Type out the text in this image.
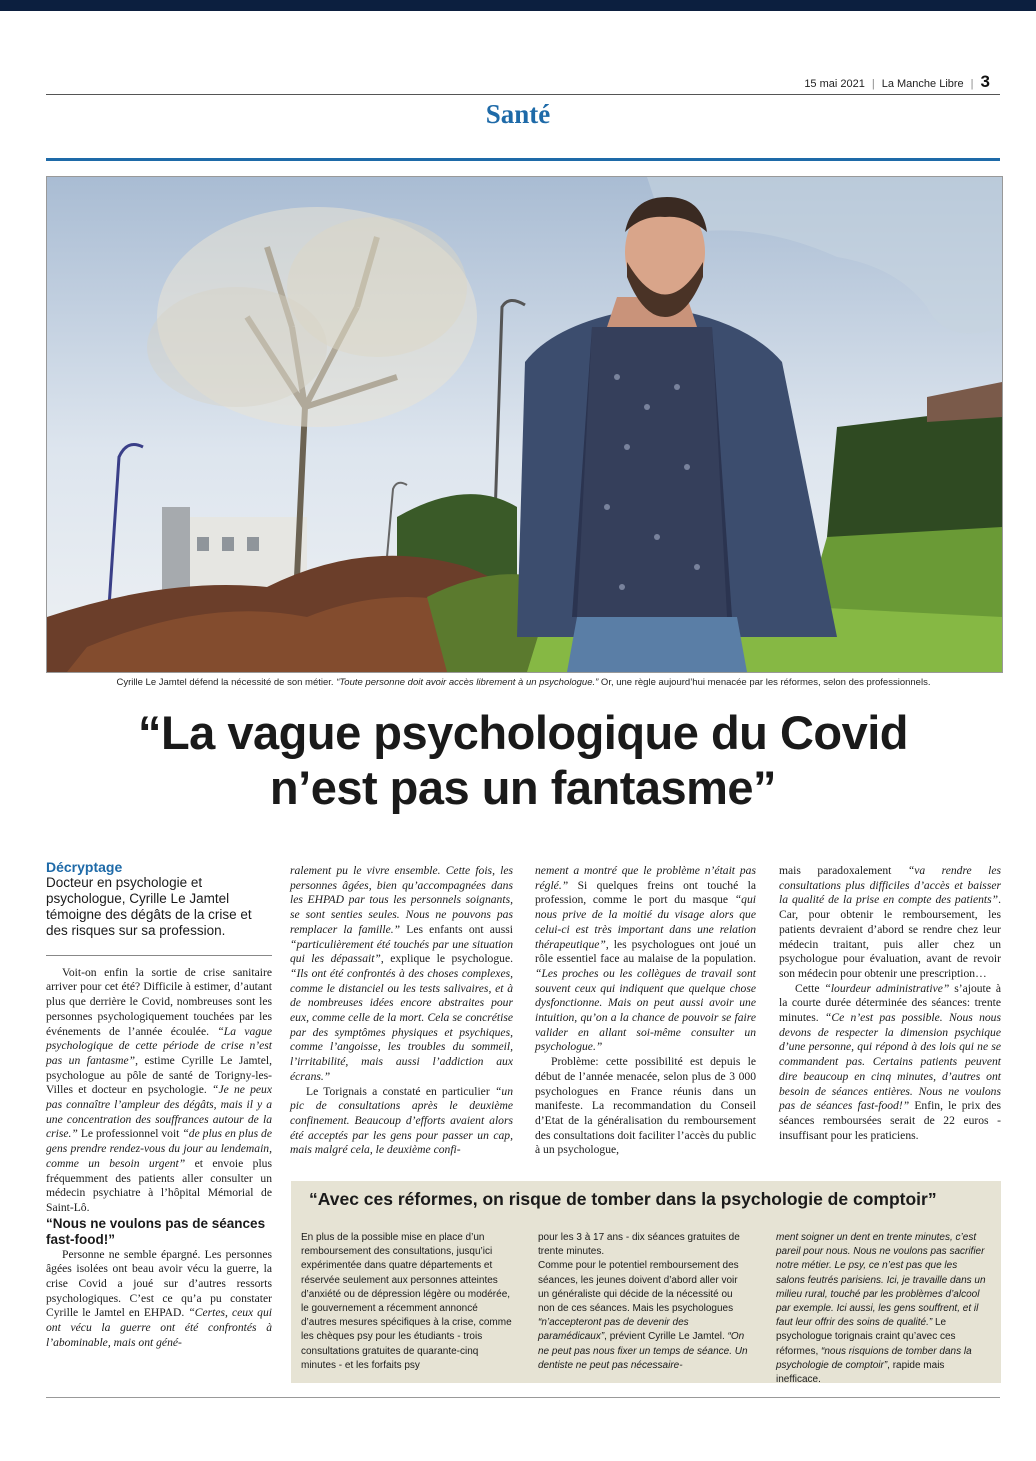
15 mai 2021 | La Manche Libre | 3
Santé
Cyrille Le Jamtel défend la nécessité de son métier. “Toute personne doit avoir accès librement à un psychologue.” Or, une règle aujourd’hui menacée par les réformes, selon des professionnels.
“La vague psychologique du Covid
n’est pas un fantasme”

Décryptage

Docteur en psychologie et psychologue, Cyrille Le Jamtel témoigne des dégâts de la crise et des risques sur sa profession.

Voit-on enfin la sortie de crise sanitaire arriver pour cet été? Difficile à estimer, d’autant plus que derrière le Covid, nombreuses sont les personnes psychologiquement touchées par les événements de l’année écoulée. “La vague psychologique de cette période de crise n’est pas un fantasme”, estime Cyrille Le Jamtel, psychologue au pôle de santé de Torigny-les-Villes et docteur en psychologie. “Je ne peux pas connaître l’ampleur des dégâts, mais il y a une concentration des souffrances autour de la crise.” Le professionnel voit “de plus en plus de gens prendre rendez-vous du jour au lendemain, comme un besoin urgent” et envoie plus fréquemment des patients aller consulter un médecin psychiatre à l’hôpital Mémorial de Saint-Lô.

“Nous ne voulons pas de séances fast-food!”

Personne ne semble épargné. Les personnes âgées isolées ont beau avoir vécu la guerre, la crise Covid a joué sur d’autres ressorts psychologiques. C’est ce qu’a pu constater Cyrille le Jamtel en EHPAD. “Certes, ceux qui ont vécu la guerre ont été confrontés à l’abominable, mais ont géné-

ralement pu le vivre ensemble. Cette fois, les personnes âgées, bien qu’accompagnées dans les EHPAD par tous les personnels soignants, se sont senties seules. Nous ne pouvons pas remplacer la famille.” Les enfants ont aussi “particulièrement été touchés par une situation qui les dépassait”, explique le psychologue. “Ils ont été confrontés à des choses complexes, comme le distanciel ou les tests salivaires, et à de nombreuses idées encore abstraites pour eux, comme celle de la mort. Cela se concrétise par des symptômes physiques et psychiques, comme l’angoisse, les troubles du sommeil, l’irritabilité, mais aussi l’addiction aux écrans.”

Le Torignais a constaté en particulier “un pic de consultations après le deuxième confinement. Beaucoup d’efforts avaient alors été acceptés par les gens pour passer un cap, mais malgré cela, le deuxième confi-

nement a montré que le problème n’était pas réglé.” Si quelques freins ont touché la profession, comme le port du masque “qui nous prive de la moitié du visage alors que celui-ci est très important dans une relation thérapeutique”, les psychologues ont joué un rôle essentiel face au malaise de la population. “Les proches ou les collègues de travail sont souvent ceux qui indiquent que quelque chose dysfonctionne. Mais on peut aussi avoir une intuition, qu’on a la chance de pouvoir se faire valider en allant soi-même consulter un psychologue.”

Problème: cette possibilité est depuis le début de l’année menacée, selon plus de 3 000 psychologues en France réunis dans un manifeste. La recommandation du Conseil d’Etat de la généralisation du remboursement des consultations doit faciliter l’accès du public à un psychologue,

mais paradoxalement “va rendre les consultations plus difficiles d’accès et baisser la qualité de la prise en compte des patients”. Car, pour obtenir le remboursement, les patients devraient d’abord se rendre chez leur médecin traitant, puis aller chez un psychologue pour évaluation, avant de revoir son médecin pour obtenir une prescription…

Cette “lourdeur administrative” s’ajoute à la courte durée déterminée des séances: trente minutes. “Ce n’est pas possible. Nous nous devons de respecter la dimension psychique d’une personne, qui répond à des lois qui ne se commandent pas. Certains patients peuvent dire beaucoup en cinq minutes, d’autres ont besoin de séances entières. Nous ne voulons pas de séances fast-food!” Enfin, le prix des séances remboursées serait de 22 euros - insuffisant pour les praticiens.

“Avec ces réformes, on risque de tomber dans la psychologie de comptoir”
En plus de la possible mise en place d’un remboursement des consultations, jusqu’ici expérimentée dans quatre départements et réservée seulement aux personnes atteintes d’anxiété ou de dépression légère ou modérée, le gouvernement a récemment annoncé d’autres mesures spécifiques à la crise, comme les chèques psy pour les étudiants - trois consultations gratuites de quarante-cinq minutes - et les forfaits psy
pour les 3 à 17 ans - dix séances gratuites de trente minutes.
Comme pour le potentiel remboursement des séances, les jeunes doivent d’abord aller voir un généraliste qui décide de la nécessité ou non de ces séances. Mais les psychologues “n’accepteront pas de devenir des paramédicaux”, prévient Cyrille Le Jamtel. “On ne peut pas nous fixer un temps de séance. Un dentiste ne peut pas nécessaire-
ment soigner un dent en trente minutes, c’est pareil pour nous. Nous ne voulons pas sacrifier notre métier. Le psy, ce n’est pas que les salons feutrés parisiens. Ici, je travaille dans un milieu rural, touché par les problèmes d’alcool par exemple. Ici aussi, les gens souffrent, et il faut leur offrir des soins de qualité.” Le psychologue torignais craint qu’avec ces réformes, “nous risquions de tomber dans la psychologie de comptoir”, rapide mais inefficace.
